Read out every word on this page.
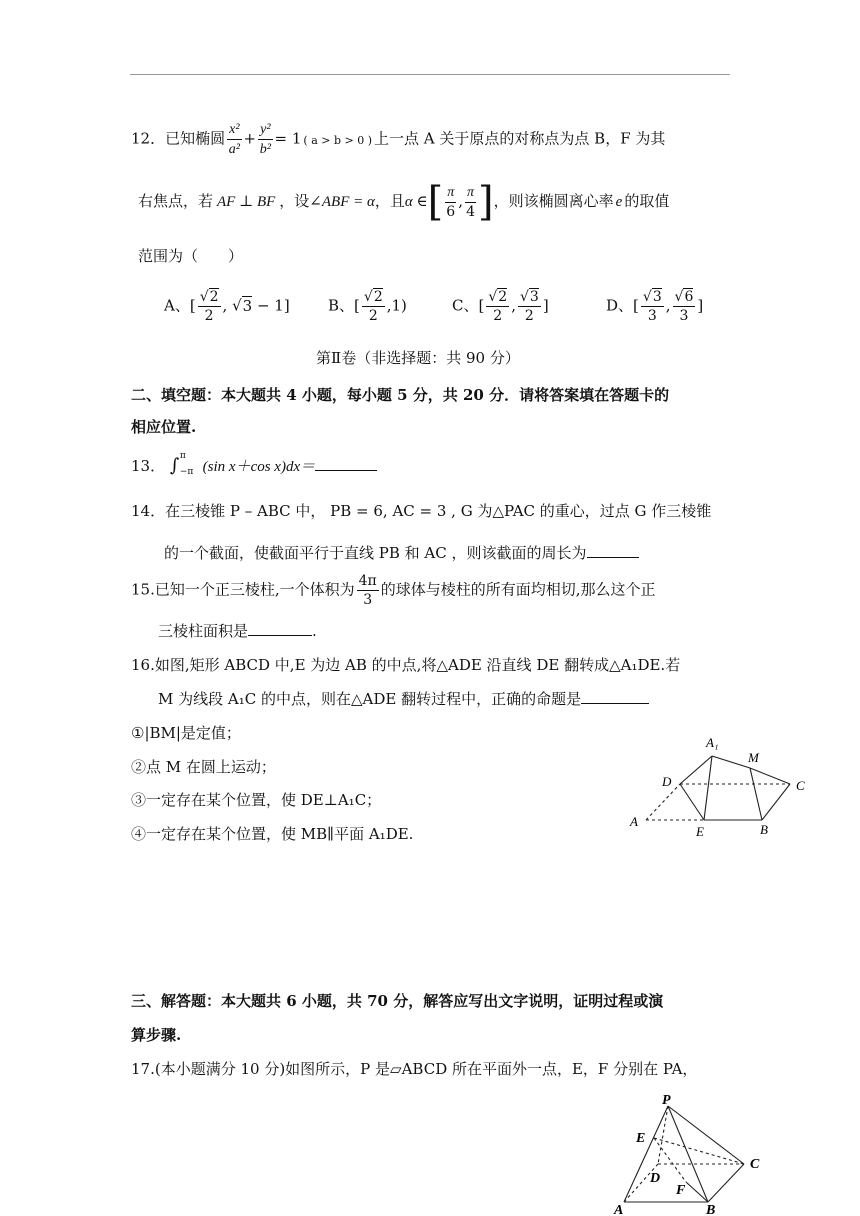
12．已知椭圆 $\frac{\text{x²}}{\text{a²}} + \frac{\text{y²}}{\text{b²}} = 1$ ( a > b > 0 ) 上一点 A 关于原点的对称点为点 B，F 为其
右焦点，若 AF ⊥ BF ，设∠ABF = α，且α ∈[ $\frac{\pi}{6}$ , $\frac{\pi}{4}$ ]，则该椭圆离心率 e 的取值
范围为（　　）
A、[ $\frac{√2}{2}$ , √3 − 1]	B、[ $\frac{√2}{2} ,1$)	C、[ $\frac{√2}{2}$ , $\frac{√3}{2}$ ]	D、[ $\frac{√3}{3}$ , $\frac{√6}{3}$ ]
第Ⅱ卷（非选择题：共 90 分）
二、填空题：本大题共 4 小题，每小题 5 分，共 20 分．请将答案填在答题卡的
相应位置.
13． ∫ π
−π (sin x＋cos x)dx＝
14．在三棱锥 P – ABC 中， PB = 6, AC = 3 , G 为△PAC 的重心，过点 G 作三棱锥
的一个截面，使截面平行于直线 PB 和 AC ，则该截面的周长为
15.已知一个正三棱柱,一个体积为 $\frac{4\pi}{3}$ 的球体与棱柱的所有面均相切,那么这个正
三棱柱面积是	.
16.如图,矩形 ABCD 中,E 为边 AB 的中点,将△ADE 沿直线 DE 翻转成△A₁DE.若
M 为线段 A₁C 的中点，则在△ADE 翻转过程中，正确的命题是
①|BM|是定值；
②点 M 在圆上运动；
③一定存在某个位置，使 DE⊥A₁C；
④一定存在某个位置，使 MB∥平面 A₁DE.
A₁
M
D	C
A
E	B
三、解答题：本大题共 6 小题，共 70 分，解答应写出文字说明，证明过程或演
算步骤.
17.(本小题满分 10 分)如图所示，P 是▱ABCD 所在平面外一点，E，F 分别在 PA，
P
E
C
D
F
A	B
